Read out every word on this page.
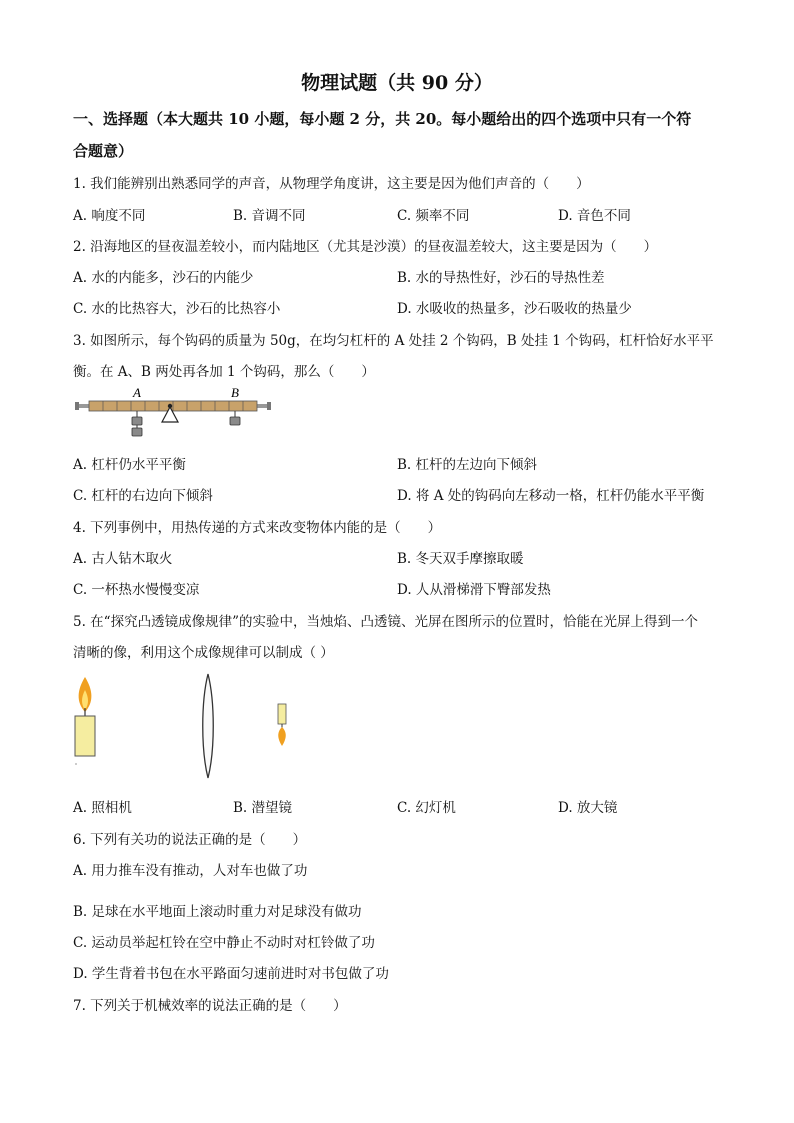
物理试题（共 90 分）
一、选择题（本大题共 10 小题，每小题 2 分，共 20。每小题给出的四个选项中只有一个符
合题意）
1. 我们能辨别出熟悉同学的声音，从物理学角度讲，这主要是因为他们声音的（　　）
A. 响度不同	B. 音调不同	C. 频率不同	D. 音色不同
2. 沿海地区的昼夜温差较小，而内陆地区（尤其是沙漠）的昼夜温差较大，这主要是因为（　　）
A. 水的内能多，沙石的内能少	B. 水的导热性好，沙石的导热性差
C. 水的比热容大，沙石的比热容小	D. 水吸收的热量多，沙石吸收的热量少
3. 如图所示，每个钩码的质量为 50g，在均匀杠杆的 A 处挂 2 个钩码，B 处挂 1 个钩码，杠杆恰好水平平
衡。在 A、B 两处再各加 1 个钩码，那么（　　）
A	B
A. 杠杆仍水平平衡	B. 杠杆的左边向下倾斜
C. 杠杆的右边向下倾斜	D. 将 A 处的钩码向左移动一格，杠杆仍能水平平衡
4. 下列事例中，用热传递的方式来改变物体内能的是（　　）
A. 古人钻木取火	B. 冬天双手摩擦取暖
C. 一杯热水慢慢变凉	D. 人从滑梯滑下臀部发热
5. 在“探究凸透镜成像规律”的实验中，当烛焰、凸透镜、光屏在图所示的位置时，恰能在光屏上得到一个
清晰的像，利用这个成像规律可以制成（ ）
A. 照相机	B. 潜望镜	C. 幻灯机	D. 放大镜
6. 下列有关功的说法正确的是（　　）
A. 用力推车没有推动，人对车也做了功
B. 足球在水平地面上滚动时重力对足球没有做功
C. 运动员举起杠铃在空中静止不动时对杠铃做了功
D. 学生背着书包在水平路面匀速前进时对书包做了功
7. 下列关于机械效率的说法正确的是（　　）
